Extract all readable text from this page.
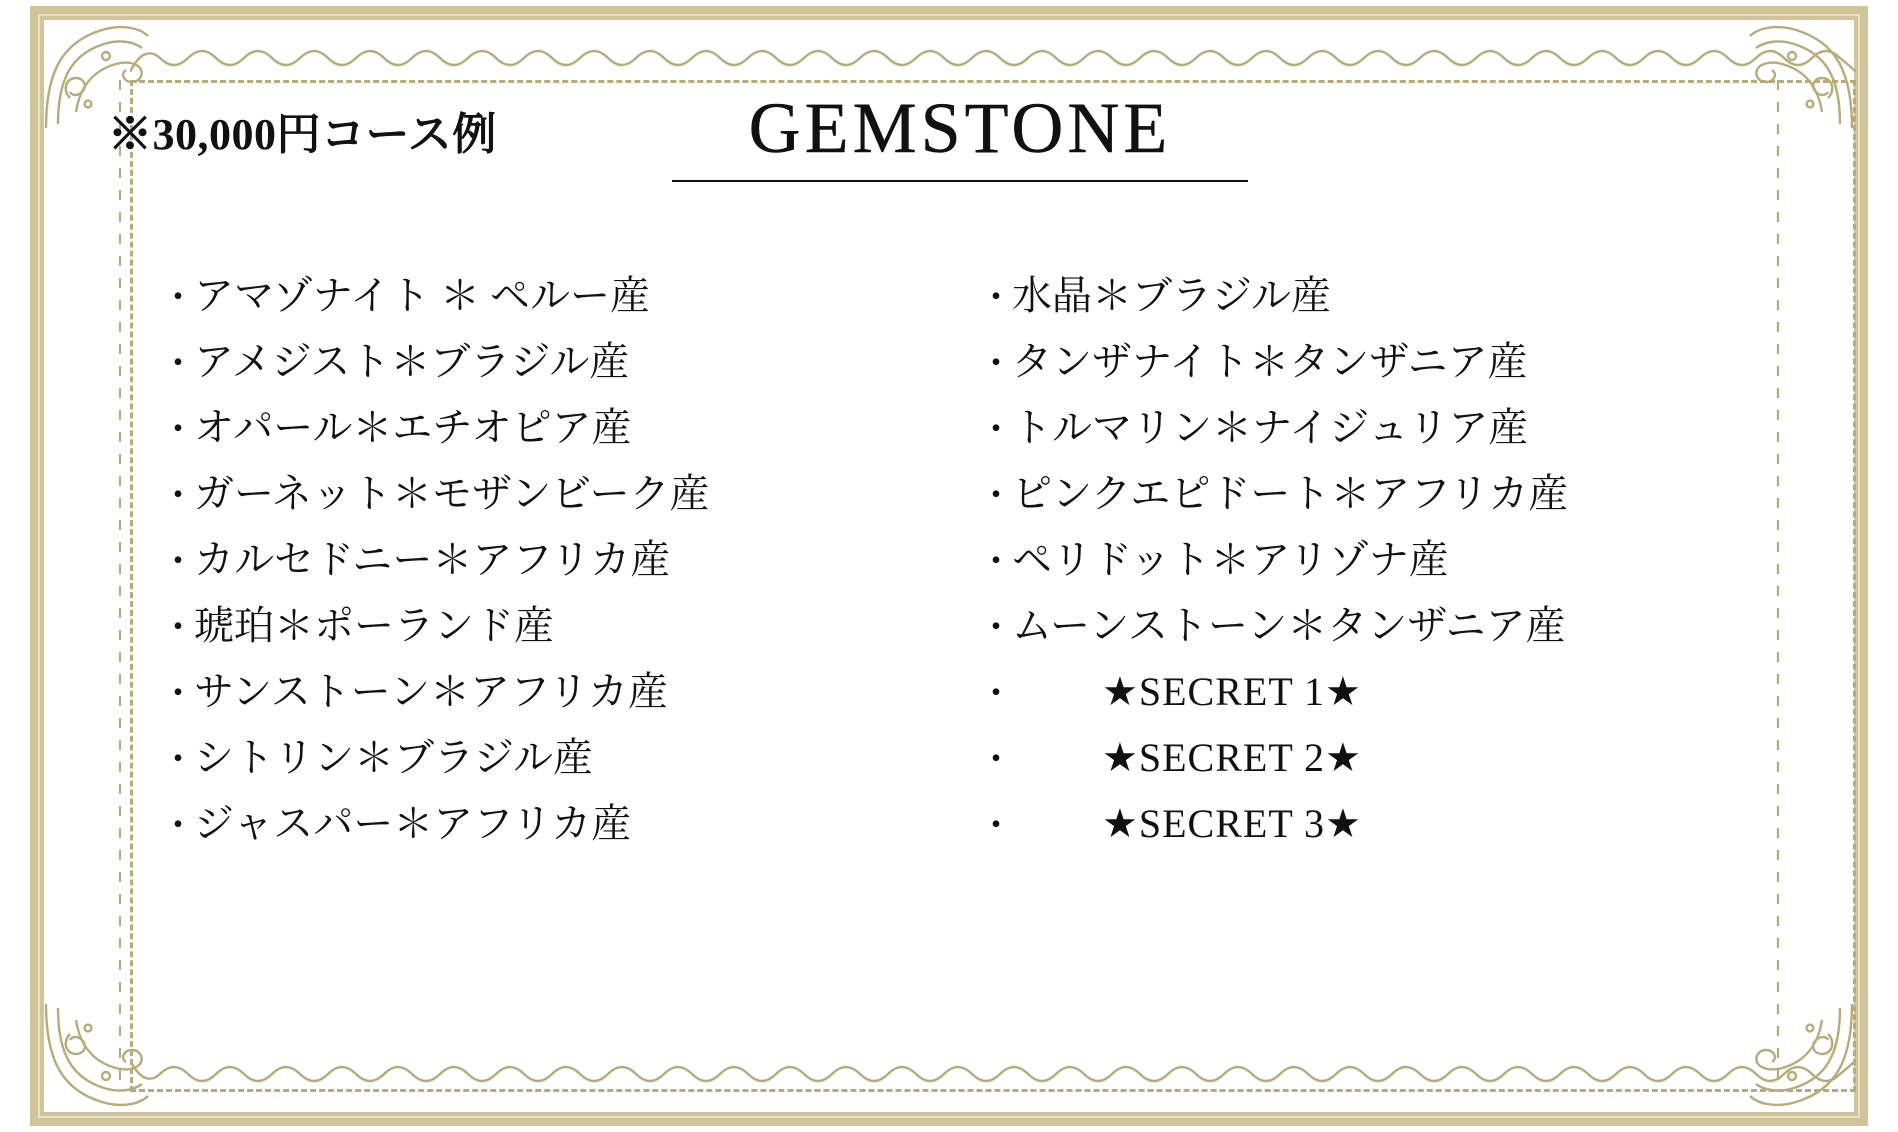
※30,000円コース例	GEMSTONE
・
アマゾナイト ＊ ペルー産
・
アメジスト＊ブラジル産
・
オパール＊エチオピア産
・
ガーネット＊モザンビーク産
・
カルセドニー＊アフリカ産
・
琥珀＊ポーランド産
・
サンストーン＊アフリカ産
・
シトリン＊ブラジル産
・
ジャスパー＊アフリカ産
・
水晶＊ブラジル産
・
タンザナイト＊タンザニア産
・
トルマリン＊ナイジュリア産
・
ピンクエピドート＊アフリカ産
・
ペリドット＊アリゾナ産
・
ムーンストーン＊タンザニア産
・	★SECRET 1★
・	★SECRET 2★
・	★SECRET 3★
